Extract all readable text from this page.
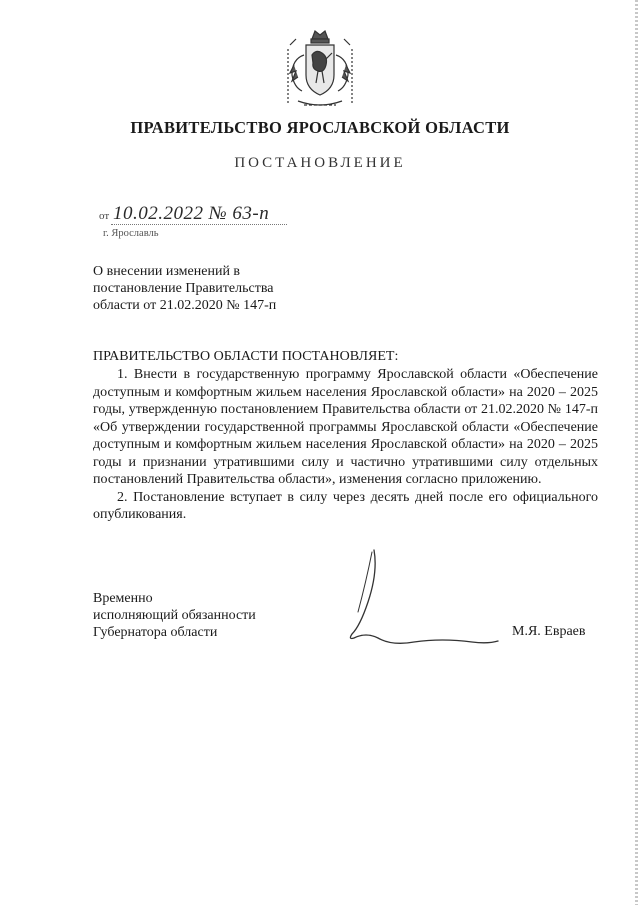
ПРАВИТЕЛЬСТВО ЯРОСЛАВСКОЙ ОБЛАСТИ
ПОСТАНОВЛЕНИЕ
от 10.02.2022 № 63-п
г. Ярославль
О внесении изменений в
постановление Правительства
области от 21.02.2020 № 147-п
ПРАВИТЕЛЬСТВО ОБЛАСТИ ПОСТАНОВЛЯЕТ:

1. Внести в государственную программу Ярославской области «Обеспечение доступным и комфортным жильем населения Ярославской области» на 2020 – 2025 годы, утвержденную постановлением Правительства области от 21.02.2020 № 147-п «Об утверждении государственной программы Ярославской области «Обеспечение доступным и комфортным жильем населения Ярославской области» на 2020 – 2025 годы и признании утратившими силу и частично утратившими силу отдельных постановлений Правительства области», изменения согласно приложению.

2. Постановление вступает в силу через десять дней после его официального опубликования.

Временно
исполняющий обязанности
Губернатора области	М.Я. Евраев
